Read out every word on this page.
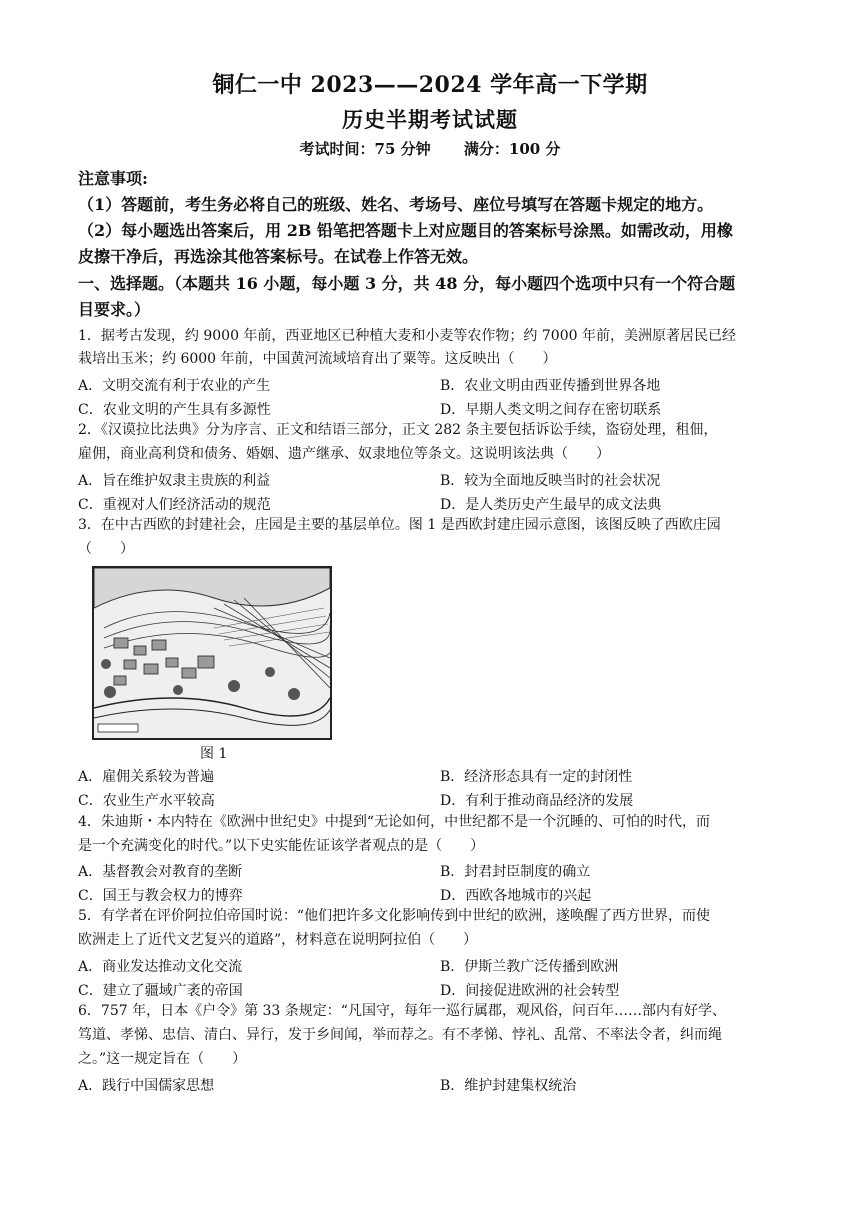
铜仁一中 2023——2024 学年高一下学期
历史半期考试试题
考试时间：75 分钟 满分：100 分
注意事项:
（1）答题前，考生务必将自己的班级、姓名、考场号、座位号填写在答题卡规定的地方。
（2）每小题选出答案后，用 2B 铅笔把答题卡上对应题目的答案标号涂黑。如需改动，用橡
皮擦干净后，再选涂其他答案标号。在试卷上作答无效。
一、选择题。（本题共 16 小题，每小题 3 分，共 48 分，每小题四个选项中只有一个符合题
目要求。）
1．据考古发现，约 9000 年前，西亚地区已种植大麦和小麦等农作物；约 7000 年前，美洲原著居民已经
栽培出玉米；约 6000 年前，中国黄河流域培育出了粟等。这反映出（　　）
A．文明交流有利于农业的产生	B．农业文明由西亚传播到世界各地
C．农业文明的产生具有多源性	D．早期人类文明之间存在密切联系
2．《汉谟拉比法典》分为序言、正文和结语三部分，正文 282 条主要包括诉讼手续，盗窃处理，租佃，
雇佣，商业高利贷和债务、婚姻、遗产继承、奴隶地位等条文。这说明该法典（　　）
A．旨在维护奴隶主贵族的利益	B．较为全面地反映当时的社会状况
C．重视对人们经济活动的规范	D．是人类历史产生最早的成文法典
3．在中古西欧的封建社会，庄园是主要的基层单位。图 1 是西欧封建庄园示意图，该图反映了西欧庄园
（　　）
图 1
A．雇佣关系较为普遍	B．经济形态具有一定的封闭性
C．农业生产水平较高	D．有利于推动商品经济的发展
4．朱迪斯・本内特在《欧洲中世纪史》中提到“无论如何，中世纪都不是一个沉睡的、可怕的时代，而
是一个充满变化的时代。”以下史实能佐证该学者观点的是（　　）
A．基督教会对教育的垄断	B．封君封臣制度的确立
C．国王与教会权力的博弈	D．西欧各地城市的兴起
5．有学者在评价阿拉伯帝国时说：“他们把许多文化影响传到中世纪的欧洲，遂唤醒了西方世界，而使
欧洲走上了近代文艺复兴的道路”，材料意在说明阿拉伯（　　）
A．商业发达推动文化交流	B．伊斯兰教广泛传播到欧洲
C．建立了疆域广袤的帝国	D．间接促进欧洲的社会转型
6．757 年，日本《户令》第 33 条规定：“凡国守，每年一巡行属郡，观风俗，问百年……部内有好学、
笃道、孝悌、忠信、清白、异行，发于乡间闻，举而荐之。有不孝悌、悖礼、乱常、不率法令者，纠而绳
之。”这一规定旨在（　　）
A．践行中国儒家思想	B．维护封建集权统治
